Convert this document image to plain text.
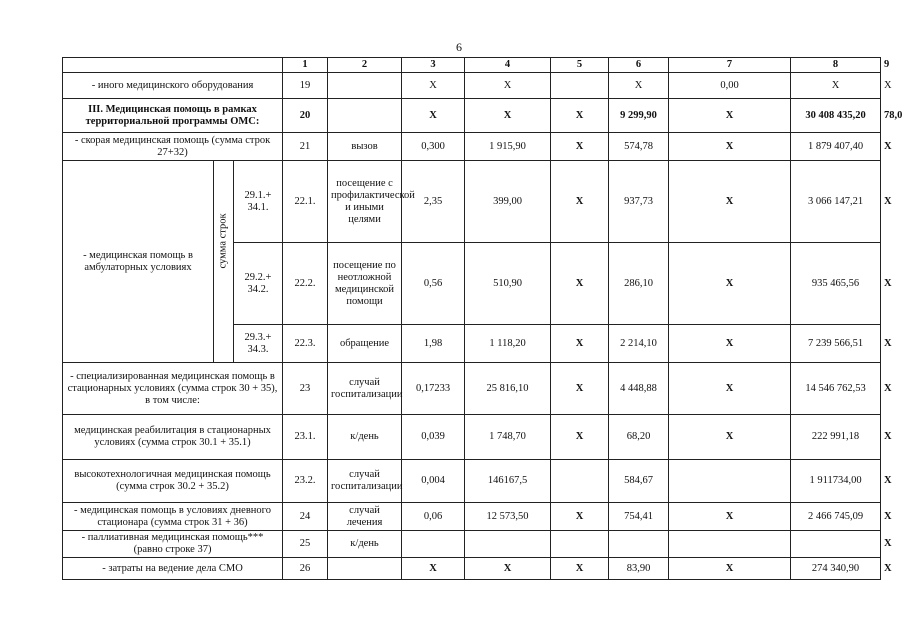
6
			1	2	3	4	5	6	7	8	9
- иного медицинского оборудования			19		X	X		X	0,00	X	X
III. Медицинская помощь в рамках территориальной программы ОМС:			20		X	X	X	9 299,90	X	30 408 435,20	78,0
- скорая медицинская помощь (сумма строк 27+32)			21	вызов	0,300	1 915,90	X	574,78	X	1 879 407,40	X
- медицинская помощь в амбулаторных условиях	сумма строк	29.1.+ 34.1.	22.1.	посещение с профилактической и иными целями	2,35	399,00	X	937,73	X	3 066 147,21	X
		29.2.+ 34.2.	22.2.	посещение по неотложной медицинской помощи	0,56	510,90	X	286,10	X	935 465,56	X
		29.3.+ 34.3.	22.3.	обращение	1,98	1 118,20	X	2 214,10	X	7 239 566,51	X
- специализированная медицинская помощь в стационарных условиях (сумма строк 30 + 35), в том числе:			23	случай госпитализации	0,17233	25 816,10	X	4 448,88	X	14 546 762,53	X
медицинская реабилитация в стационарных условиях (сумма строк 30.1 + 35.1)			23.1.	к/день	0,039	1 748,70	X	68,20	X	222 991,18	X
высокотехнологичная медицинская помощь (сумма строк 30.2 + 35.2)			23.2.	случай госпитализации	0,004	146167,5		584,67		1 911734,00	X
- медицинская помощь в условиях дневного стационара (сумма строк 31 + 36)			24	случай лечения	0,06	12 573,50	X	754,41	X	2 466 745,09	X
- паллиативная медицинская помощь*** (равно строке 37)			25	к/день							X
- затраты на ведение дела СМО			26		X	X	X	83,90	X	274 340,90	X
